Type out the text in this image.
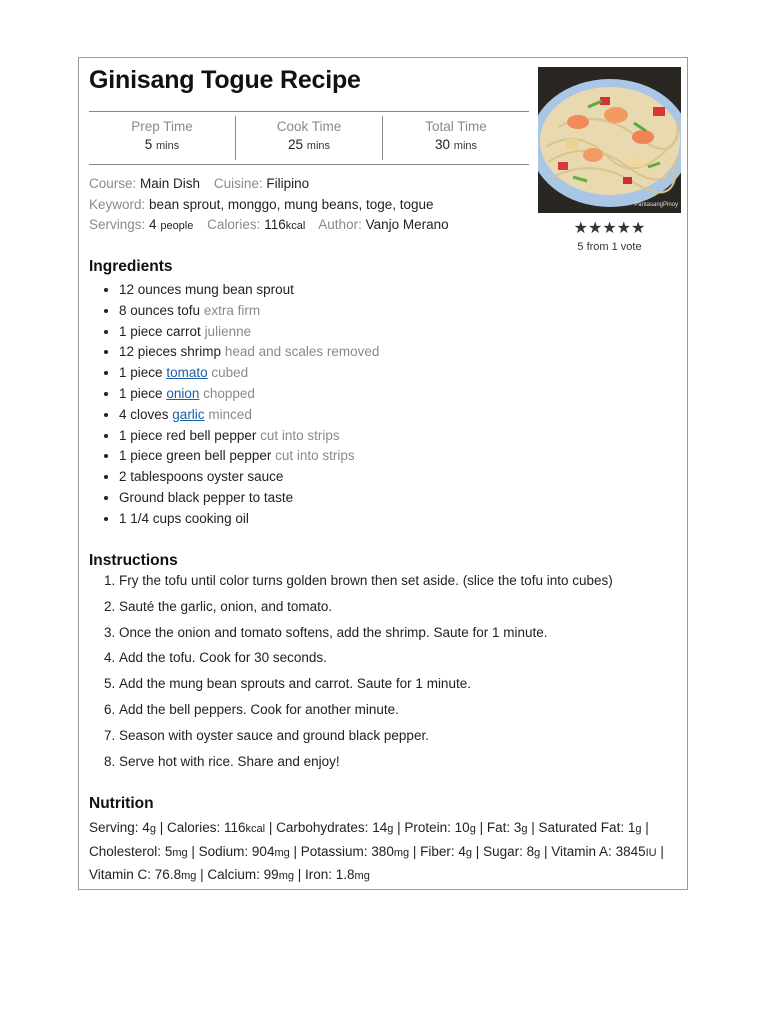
Ginisang Togue Recipe
PantasangPinoy
★★★★★
5 from 1 vote
Prep Time
5 mins
Cook Time
25 mins
Total Time
30 mins
Course: Main Dish Cuisine: Filipino
Keyword: bean sprout, monggo, mung beans, toge, togue
Servings: 4 people Calories: 116kcal Author: Vanjo Merano
Ingredients
• 12 ounces mung bean sprout
• 8 ounces tofu extra firm
• 1 piece carrot julienne
• 12 pieces shrimp head and scales removed
• 1 piece tomato cubed
• 1 piece onion chopped
• 4 cloves garlic minced
• 1 piece red bell pepper cut into strips
• 1 piece green bell pepper cut into strips
• 2 tablespoons oyster sauce
• Ground black pepper to taste
• 1 1/4 cups cooking oil
Instructions
1. Fry the tofu until color turns golden brown then set aside. (slice the tofu into cubes)
2. Sauté the garlic, onion, and tomato.
3. Once the onion and tomato softens, add the shrimp. Saute for 1 minute.
4. Add the tofu. Cook for 30 seconds.
5. Add the mung bean sprouts and carrot. Saute for 1 minute.
6. Add the bell peppers. Cook for another minute.
7. Season with oyster sauce and ground black pepper.
8. Serve hot with rice. Share and enjoy!
Nutrition
Serving: 4g | Calories: 116kcal | Carbohydrates: 14g | Protein: 10g | Fat: 3g | Saturated Fat: 1g | Cholesterol: 5mg | Sodium: 904mg | Potassium: 380mg | Fiber: 4g | Sugar: 8g | Vitamin A: 3845IU | Vitamin C: 76.8mg | Calcium: 99mg | Iron: 1.8mg
